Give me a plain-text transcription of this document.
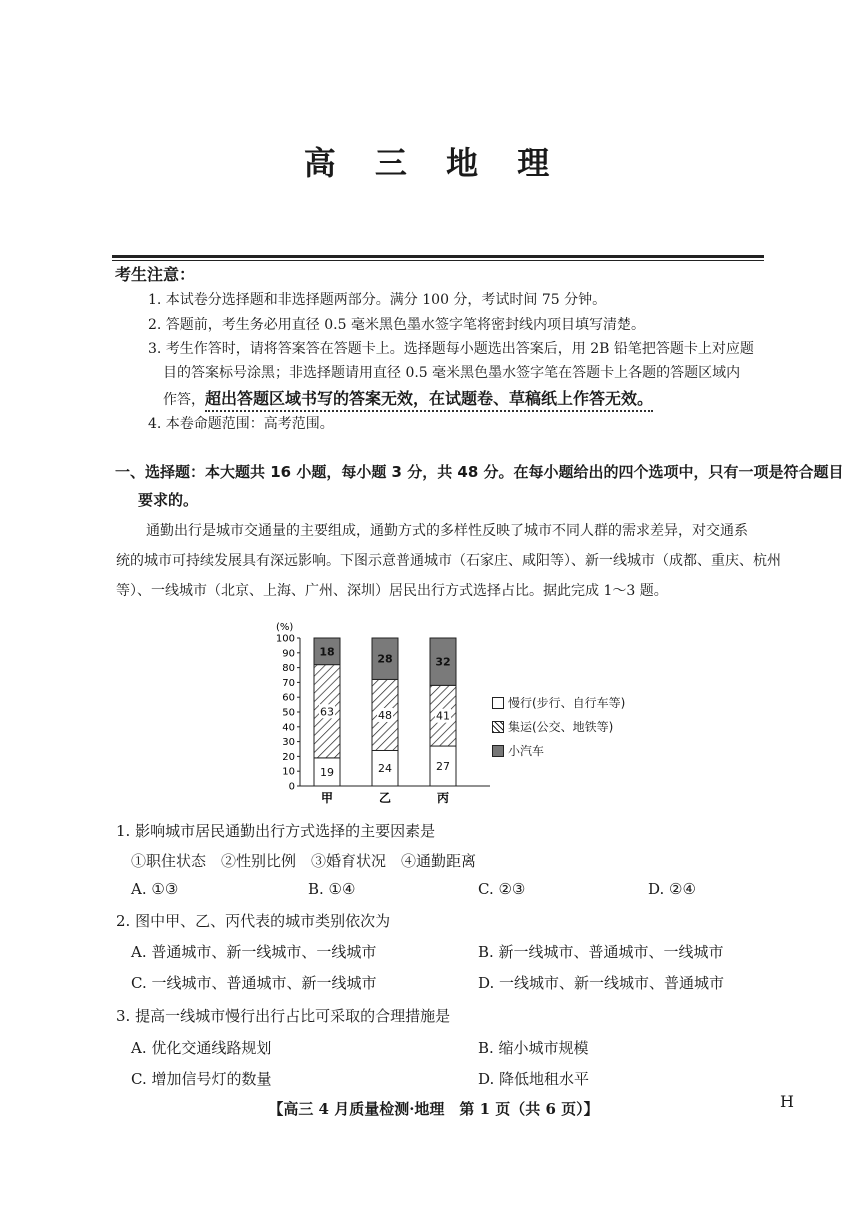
高 三 地 理
考生注意：
1. 本试卷分选择题和非选择题两部分。满分 100 分，考试时间 75 分钟。
2. 答题前，考生务必用直径 0.5 毫米黑色墨水签字笔将密封线内项目填写清楚。
3. 考生作答时，请将答案答在答题卡上。选择题每小题选出答案后，用 2B 铅笔把答题卡上对应题
目的答案标号涂黑；非选择题请用直径 0.5 毫米黑色墨水签字笔在答题卡上各题的答题区域内
作答，超出答题区域书写的答案无效，在试题卷、草稿纸上作答无效。
4. 本卷命题范围：高考范围。
一、选择题：本大题共 16 小题，每小题 3 分，共 48 分。在每小题给出的四个选项中，只有一项是符合题目
要求的。
通勤出行是城市交通量的主要组成，通勤方式的多样性反映了城市不同人群的需求差异，对交通系
统的城市可持续发展具有深远影响。下图示意普通城市（石家庄、咸阳等）、新一线城市（成都、重庆、杭州
等）、一线城市（北京、上海、广州、深圳）居民出行方式选择占比。据此完成 1～3 题。
(%)
0
10
20
30
40
50
60
70
80
90
100
19
63
18
24
48
28
27
41
32
甲	乙	丙
慢行(步行、自行车等)
集运(公交、地铁等)
小汽车
1. 影响城市居民通勤出行方式选择的主要因素是
①职住状态　②性别比例　③婚育状况　④通勤距离
A. ①③	B. ①④	C. ②③	D. ②④
2. 图中甲、乙、丙代表的城市类别依次为
A. 普通城市、新一线城市、一线城市	B. 新一线城市、普通城市、一线城市
C. 一线城市、普通城市、新一线城市	D. 一线城市、新一线城市、普通城市
3. 提高一线城市慢行出行占比可采取的合理措施是
A. 优化交通线路规划	B. 缩小城市规模
C. 增加信号灯的数量	D. 降低地租水平
【高三 4 月质量检测·地理　第 1 页（共 6 页）】	H
